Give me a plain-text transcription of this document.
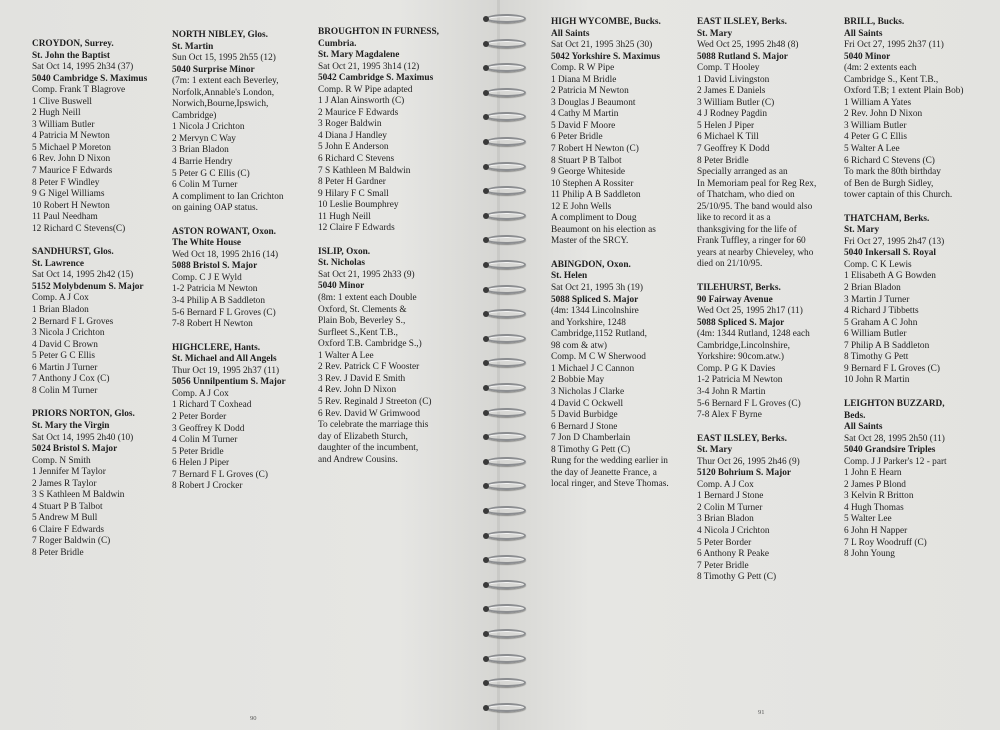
CROYDON, Surrey.
St. John the Baptist
Sat Oct 14, 1995 2h34 (37)
5040 Cambridge S. Maximus
Comp. Frank T Blagrove
1 Clive Buswell
2 Hugh Neill
3 William Butler
4 Patricia M Newton
5 Michael P Moreton
6 Rev. John D Nixon
7 Maurice F Edwards
8 Peter F Windley
9 G Nigel Williams
10 Robert H Newton
11 Paul Needham
12 Richard C Stevens(C)
SANDHURST, Glos.
St. Lawrence
Sat Oct 14, 1995 2h42 (15)
5152 Molybdenum S. Major
Comp. A J Cox
1 Brian Bladon
2 Bernard F L Groves
3 Nicola J Crichton
4 David C Brown
5 Peter G C Ellis
6 Martin J Turner
7 Anthony J Cox (C)
8 Colin M Turner
PRIORS NORTON, Glos.
St. Mary the Virgin
Sat Oct 14, 1995 2h40 (10)
5024 Bristol S. Major
Comp. N Smith
1 Jennifer M Taylor
2 James R Taylor
3 S Kathleen M Baldwin
4 Stuart P B Talbot
5 Andrew M Bull
6 Claire F Edwards
7 Roger Baldwin (C)
8 Peter Bridle
NORTH NIBLEY, Glos.
St. Martin
Sun Oct 15, 1995 2h55 (12)
5040 Surprise Minor
(7m: 1 extent each Beverley,
Norfolk,Annable's London,
Norwich,Bourne,Ipswich,
Cambridge)
1 Nicola J Crichton
2 Mervyn C Way
3 Brian Bladon
4 Barrie Hendry
5 Peter G C Ellis (C)
6 Colin M Turner
A compliment to Ian Crichton
on gaining OAP status.
ASTON ROWANT, Oxon.
The White House
Wed Oct 18, 1995 2h16 (14)
5088 Bristol S. Major
Comp. C J E Wyld
1-2 Patricia M Newton
3-4 Philip A B Saddleton
5-6 Bernard F L Groves (C)
7-8 Robert H Newton
HIGHCLERE, Hants.
St. Michael and All Angels
Thur Oct 19, 1995 2h37 (11)
5056 Unnilpentium S. Major
Comp. A J Cox
1 Richard T Coxhead
2 Peter Border
3 Geoffrey K Dodd
4 Colin M Turner
5 Peter Bridle
6 Helen J Piper
7 Bernard F L Groves (C)
8 Robert J Crocker
BROUGHTON IN FURNESS,
Cumbria.
St. Mary Magdalene
Sat Oct 21, 1995 3h14 (12)
5042 Cambridge S. Maximus
Comp. R W Pipe adapted
1 J Alan Ainsworth (C)
2 Maurice F Edwards
3 Roger Baldwin
4 Diana J Handley
5 John E Anderson
6 Richard C Stevens
7 S Kathleen M Baldwin
8 Peter H Gardner
9 Hilary F C Small
10 Leslie Boumphrey
11 Hugh Neill
12 Claire F Edwards
ISLIP, Oxon.
St. Nicholas
Sat Oct 21, 1995 2h33 (9)
5040 Minor
(8m: 1 extent each Double
Oxford, St. Clements &
Plain Bob, Beverley S.,
Surfleet S.,Kent T.B.,
Oxford T.B. Cambridge S.,)
1 Walter A Lee
2 Rev. Patrick C F Wooster
3 Rev. J David E Smith
4 Rev. John D Nixon
5 Rev. Reginald J Streeton (C)
6 Rev. David W Grimwood
To celebrate the marriage this
day of Elizabeth Sturch,
daughter of the incumbent,
and Andrew Cousins.
HIGH WYCOMBE, Bucks.
All Saints
Sat Oct 21, 1995 3h25 (30)
5042 Yorkshire S. Maximus
Comp. R W Pipe
1 Diana M Bridle
2 Patricia M Newton
3 Douglas J Beaumont
4 Cathy M Martin
5 David F Moore
6 Peter Bridle
7 Robert H Newton (C)
8 Stuart P B Talbot
9 George Whiteside
10 Stephen A Rossiter
11 Philip A B Saddleton
12 E John Wells
A compliment to Doug
Beaumont on his election as
Master of the SRCY.
ABINGDON, Oxon.
St. Helen
Sat Oct 21, 1995 3h (19)
5088 Spliced S. Major
(4m: 1344 Lincolnshire
and Yorkshire, 1248
Cambridge,1152 Rutland,
98 com & atw)
Comp. M C W Sherwood
1 Michael J C Cannon
2 Bobbie May
3 Nicholas J Clarke
4 David C Ockwell
5 David Burbidge
6 Bernard J Stone
7 Jon D Chamberlain
8 Timothy G Pett (C)
Rung for the wedding earlier in
the day of Jeanette France, a
local ringer, and Steve Thomas.
EAST ILSLEY, Berks.
St. Mary
Wed Oct 25, 1995 2h48 (8)
5088 Rutland S. Major
Comp. T Hooley
1 David Livingston
2 James E Daniels
3 William Butler (C)
4 J Rodney Pagdin
5 Helen J Piper
6 Michael K Till
7 Geoffrey K Dodd
8 Peter Bridle
Specially arranged as an
In Memoriam peal for Reg Rex,
of Thatcham, who died on
25/10/95. The band would also
like to record it as a
thanksgiving for the life of
Frank Tuffley, a ringer for 60
years at nearby Chieveley, who
died on 21/10/95.
TILEHURST, Berks.
90 Fairway Avenue
Wed Oct 25, 1995 2h17 (11)
5088 Spliced S. Major
(4m: 1344 Rutland, 1248 each
Cambridge,Lincolnshire,
Yorkshire: 90com.atw.)
Comp. P G K Davies
1-2 Patricia M Newton
3-4 John R Martin
5-6 Bernard F L Groves (C)
7-8 Alex F Byrne
EAST ILSLEY, Berks.
St. Mary
Thur Oct 26, 1995 2h46 (9)
5120 Bohrium S. Major
Comp. A J Cox
1 Bernard J Stone
2 Colin M Turner
3 Brian Bladon
4 Nicola J Crichton
5 Peter Border
6 Anthony R Peake
7 Peter Bridle
8 Timothy G Pett (C)
BRILL, Bucks.
All Saints
Fri Oct 27, 1995 2h37 (11)
5040 Minor
(4m: 2 extents each
Cambridge S., Kent T.B.,
Oxford T.B; 1 extent Plain Bob)
1 William A Yates
2 Rev. John D Nixon
3 William Butler
4 Peter G C Ellis
5 Walter A Lee
6 Richard C Stevens (C)
To mark the 80th birthday
of Ben de Burgh Sidley,
tower captain of this Church.
THATCHAM, Berks.
St. Mary
Fri Oct 27, 1995 2h47 (13)
5040 Inkersall S. Royal
Comp. C K Lewis
1 Elisabeth A G Bowden
2 Brian Bladon
3 Martin J Turner
4 Richard J Tibbetts
5 Graham A C John
6 William Butler
7 Philip A B Saddleton
8 Timothy G Pett
9 Bernard F L Groves (C)
10 John R Martin
LEIGHTON BUZZARD,
Beds.
All Saints
Sat Oct 28, 1995 2h50 (11)
5040 Grandsire Triples
Comp. J J Parker's 12 - part
1 John E Hearn
2 James P Blond
3 Kelvin R Britton
4 Hugh Thomas
5 Walter Lee
6 John H Napper
7 L Roy Woodruff (C)
8 John Young
90
91
